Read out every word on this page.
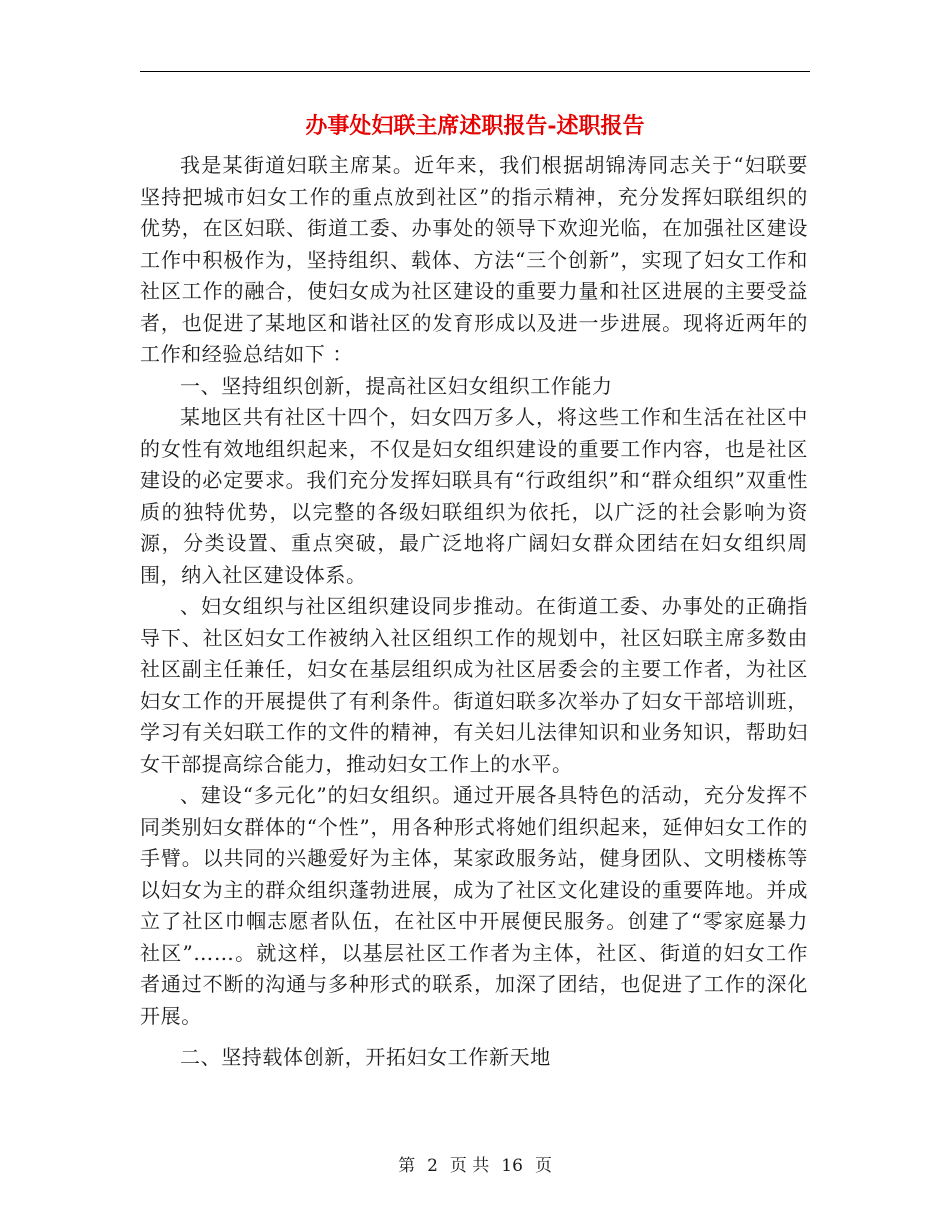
办事处妇联主席述职报告-述职报告

我是某街道妇联主席某。近年来，我们根据胡锦涛同志关于“妇联要坚持把城市妇女工作的重点放到社区”的指示精神，充分发挥妇联组织的优势，在区妇联、街道工委、办事处的领导下欢迎光临，在加强社区建设工作中积极作为，坚持组织、载体、方法“三个创新”，实现了妇女工作和社区工作的融合，使妇女成为社区建设的重要力量和社区进展的主要受益者，也促进了某地区和谐社区的发育形成以及进一步进展。现将近两年的工作和经验总结如下 ：

一、坚持组织创新，提高社区妇女组织工作能力

某地区共有社区十四个，妇女四万多人，将这些工作和生活在社区中的女性有效地组织起来，不仅是妇女组织建设的重要工作内容，也是社区建设的必定要求。我们充分发挥妇联具有“行政组织”和“群众组织”双重性质的独特优势，以完整的各级妇联组织为依托，以广泛的社会影响为资源，分类设置、重点突破，最广泛地将广阔妇女群众团结在妇女组织周围，纳入社区建设体系。

、妇女组织与社区组织建设同步推动。在街道工委、办事处的正确指导下、社区妇女工作被纳入社区组织工作的规划中，社区妇联主席多数由社区副主任兼任，妇女在基层组织成为社区居委会的主要工作者，为社区妇女工作的开展提供了有利条件。街道妇联多次举办了妇女干部培训班，学习有关妇联工作的文件的精神，有关妇儿法律知识和业务知识，帮助妇女干部提高综合能力，推动妇女工作上的水平。

、建设“多元化”的妇女组织。通过开展各具特色的活动，充分发挥不同类别妇女群体的“个性”，用各种形式将她们组织起来，延伸妇女工作的手臂。以共同的兴趣爱好为主体，某家政服务站，健身团队、文明楼栋等以妇女为主的群众组织蓬勃进展，成为了社区文化建设的重要阵地。并成立了社区巾帼志愿者队伍，在社区中开展便民服务。创建了“零家庭暴力社区”……。就这样，以基层社区工作者为主体，社区、街道的妇女工作者通过不断的沟通与多种形式的联系，加深了团结，也促进了工作的深化开展。

二、坚持载体创新，开拓妇女工作新天地

第 2 页 共 16 页
